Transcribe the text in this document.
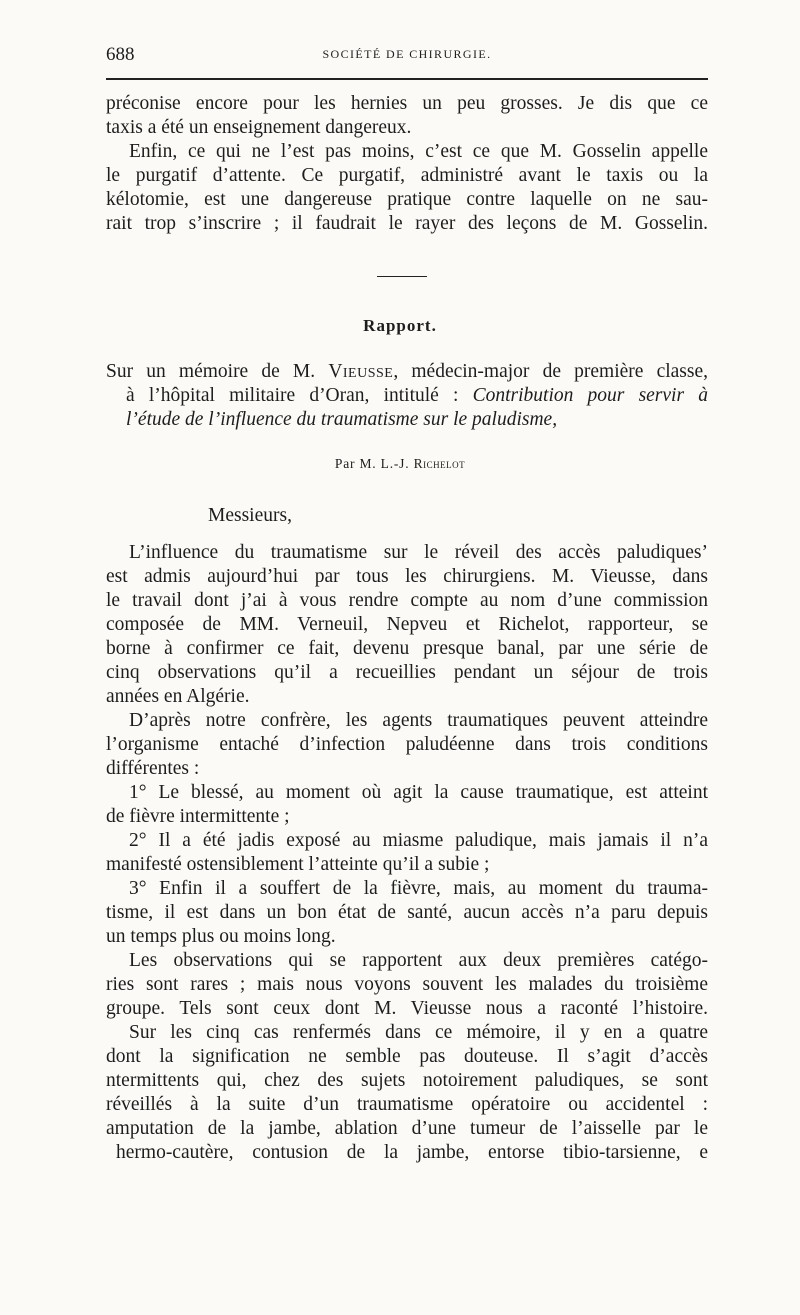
688	SOCIÉTÉ DE CHIRURGIE.
préconise encore pour les hernies un peu grosses. Je dis que ce
taxis a été un enseignement dangereux.
Enfin, ce qui ne l’est pas moins, c’est ce que M. Gosselin appelle
le purgatif d’attente. Ce purgatif, administré avant le taxis ou la
kélotomie, est une dangereuse pratique contre laquelle on ne sau-
rait trop s’inscrire ; il faudrait le rayer des leçons de M. Gosselin.
Rapport.
Sur un mémoire de M. Vieusse, médecin-major de première classe,
à l’hôpital militaire d’Oran, intitulé : Contribution pour servir à
l’étude de l’influence du traumatisme sur le paludisme,
Par M. L.-J. Richelot
Messieurs,
L’influence du traumatisme sur le réveil des accès paludiques’
est admis aujourd’hui par tous les chirurgiens. M. Vieusse, dans
le travail dont j’ai à vous rendre compte au nom d’une commission
composée de MM. Verneuil, Nepveu et Richelot, rapporteur, se
borne à confirmer ce fait, devenu presque banal, par une série de
cinq observations qu’il a recueillies pendant un séjour de trois
années en Algérie.
D’après notre confrère, les agents traumatiques peuvent atteindre
l’organisme entaché d’infection paludéenne dans trois conditions
différentes :
1° Le blessé, au moment où agit la cause traumatique, est atteint
de fièvre intermittente ;
2° Il a été jadis exposé au miasme paludique, mais jamais il n’a
manifesté ostensiblement l’atteinte qu’il a subie ;
3° Enfin il a souffert de la fièvre, mais, au moment du trauma-
tisme, il est dans un bon état de santé, aucun accès n’a paru depuis
un temps plus ou moins long.
Les observations qui se rapportent aux deux premières catégo-
ries sont rares ; mais nous voyons souvent les malades du troisième
groupe. Tels sont ceux dont M. Vieusse nous a raconté l’histoire.
Sur les cinq cas renfermés dans ce mémoire, il y en a quatre
dont la signification ne semble pas douteuse. Il s’agit d’accès
ntermittents qui, chez des sujets notoirement paludiques, se sont
réveillés à la suite d’un traumatisme opératoire ou accidentel :
amputation de la jambe, ablation d’une tumeur de l’aisselle par le
hermo-cautère, contusion de la jambe, entorse tibio-tarsienne, e
